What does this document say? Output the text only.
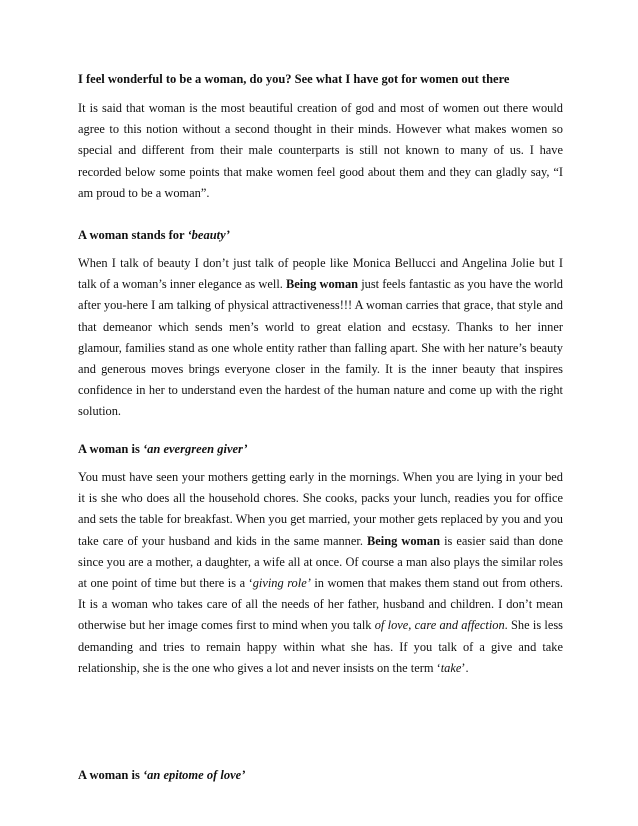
I feel wonderful to be a woman, do you? See what I have got for women out there

It is said that woman is the most beautiful creation of god and most of women out there would agree to this notion without a second thought in their minds. However what makes women so special and different from their male counterparts is still not known to many of us. I have recorded below some points that make women feel good about them and they can gladly say, “I am proud to be a woman”.

A woman stands for ‘beauty’

When I talk of beauty I don’t just talk of people like Monica Bellucci and Angelina Jolie but I talk of a woman’s inner elegance as well. Being woman just feels fantastic as you have the world after you-here I am talking of physical attractiveness!!! A woman carries that grace, that style and that demeanor which sends men’s world to great elation and ecstasy. Thanks to her inner glamour, families stand as one whole entity rather than falling apart. She with her nature’s beauty and generous moves brings everyone closer in the family. It is the inner beauty that inspires confidence in her to understand even the hardest of the human nature and come up with the right solution.

A woman is ‘an evergreen giver’

You must have seen your mothers getting early in the mornings. When you are lying in your bed it is she who does all the household chores. She cooks, packs your lunch, readies you for office and sets the table for breakfast. When you get married, your mother gets replaced by you and you take care of your husband and kids in the same manner. Being woman is easier said than done since you are a mother, a daughter, a wife all at once. Of course a man also plays the similar roles at one point of time but there is a ‘giving role’ in women that makes them stand out from others. It is a woman who takes care of all the needs of her father, husband and children. I don’t mean otherwise but her image comes first to mind when you talk of love, care and affection. She is less demanding and tries to remain happy within what she has. If you talk of a give and take relationship, she is the one who gives a lot and never insists on the term ‘take’.

A woman is ‘an epitome of love’
